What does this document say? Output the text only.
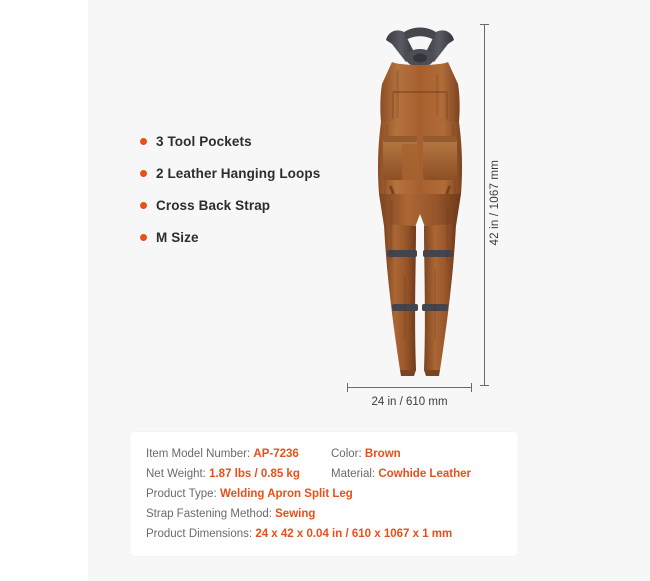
3 Tool Pockets
2 Leather Hanging Loops
Cross Back Strap
M Size	42 in / 1067 mm
24 in / 610 mm
Item Model Number: AP-7236	Color: Brown
Net Weight: 1.87 lbs / 0.85 kg	Material: Cowhide Leather
Product Type: Welding Apron Split Leg
Strap Fastening Method: Sewing
Product Dimensions: 24 x 42 x 0.04 in / 610 x 1067 x 1 mm
